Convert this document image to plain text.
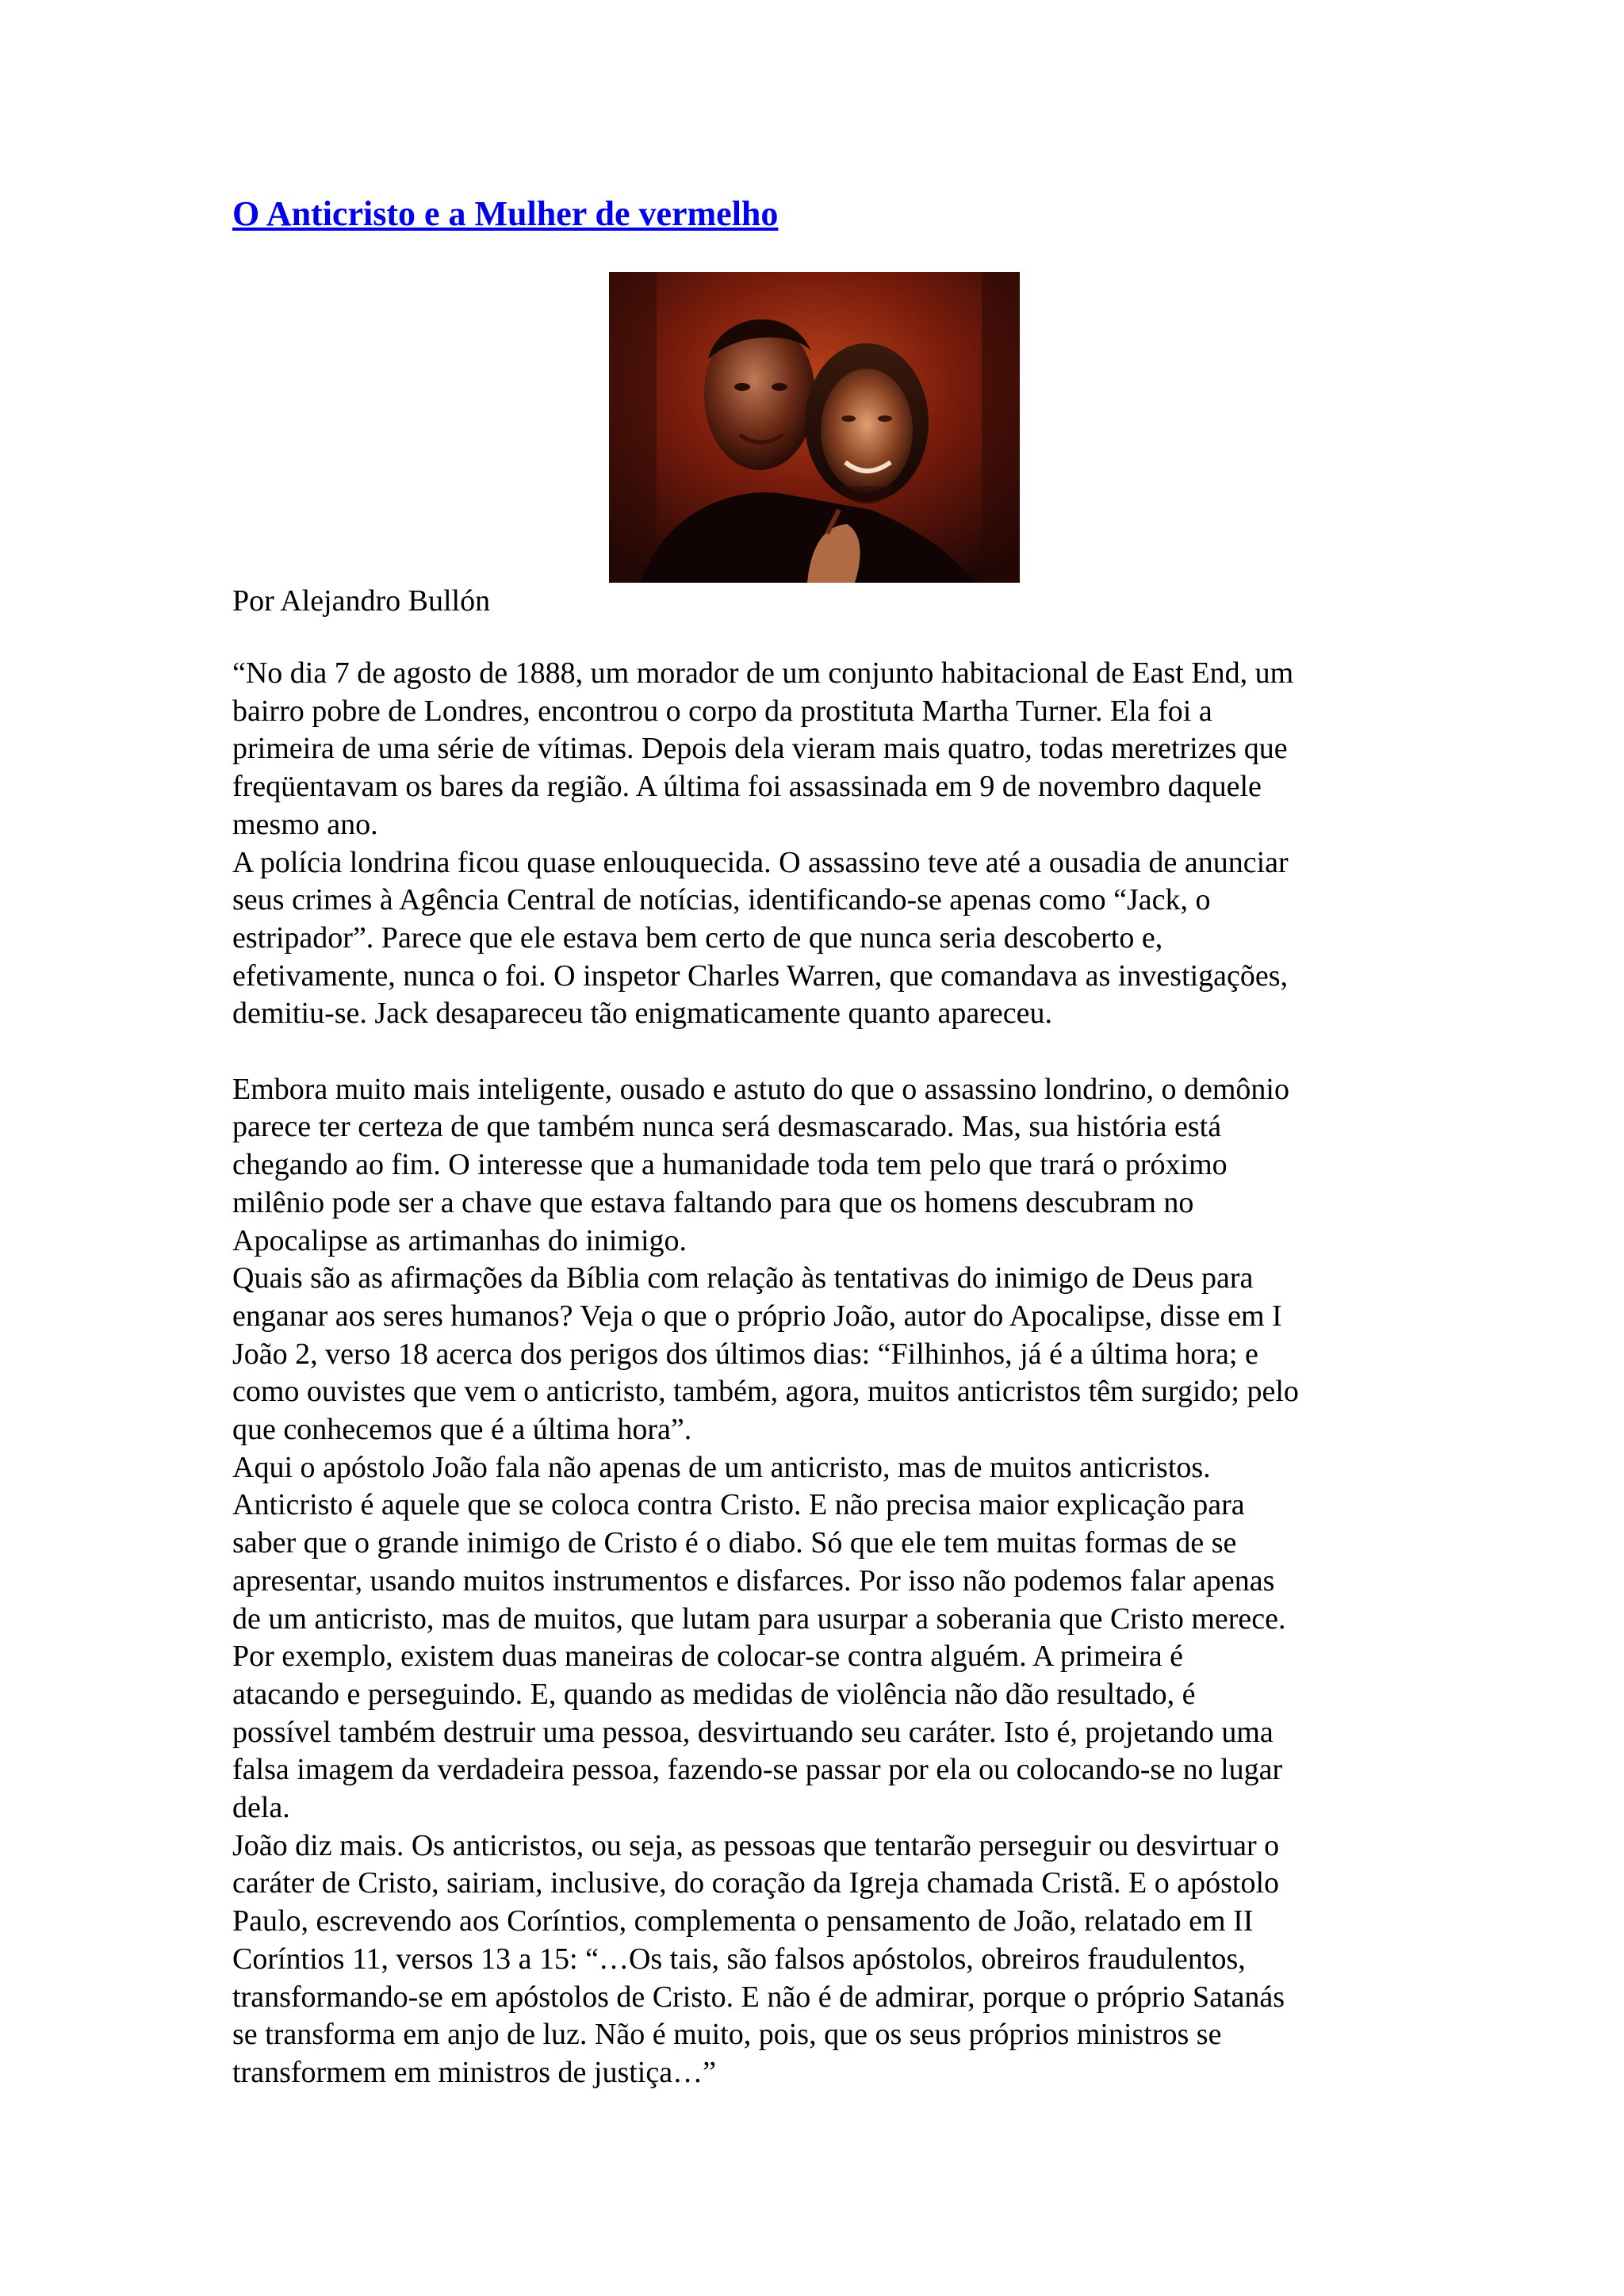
O Anticristo e a Mulher de vermelho

Por Alejandro Bullón

“No dia 7 de agosto de 1888, um morador de um conjunto habitacional de East End, um

bairro pobre de Londres, encontrou o corpo da prostituta Martha Turner. Ela foi a

primeira de uma série de vítimas. Depois dela vieram mais quatro, todas meretrizes que

freqüentavam os bares da região. A última foi assassinada em 9 de novembro daquele

mesmo ano.

A polícia londrina ficou quase enlouquecida. O assassino teve até a ousadia de anunciar

seus crimes à Agência Central de notícias, identificando-se apenas como “Jack, o

estripador”. Parece que ele estava bem certo de que nunca seria descoberto e,

efetivamente, nunca o foi. O inspetor Charles Warren, que comandava as investigações,

demitiu-se. Jack desapareceu tão enigmaticamente quanto apareceu.

Embora muito mais inteligente, ousado e astuto do que o assassino londrino, o demônio

parece ter certeza de que também nunca será desmascarado. Mas, sua história está

chegando ao fim. O interesse que a humanidade toda tem pelo que trará o próximo

milênio pode ser a chave que estava faltando para que os homens descubram no

Apocalipse as artimanhas do inimigo.

Quais são as afirmações da Bíblia com relação às tentativas do inimigo de Deus para

enganar aos seres humanos? Veja o que o próprio João, autor do Apocalipse, disse em I

João 2, verso 18 acerca dos perigos dos últimos dias: “Filhinhos, já é a última hora; e

como ouvistes que vem o anticristo, também, agora, muitos anticristos têm surgido; pelo

que conhecemos que é a última hora”.

Aqui o apóstolo João fala não apenas de um anticristo, mas de muitos anticristos.

Anticristo é aquele que se coloca contra Cristo. E não precisa maior explicação para

saber que o grande inimigo de Cristo é o diabo. Só que ele tem muitas formas de se

apresentar, usando muitos instrumentos e disfarces. Por isso não podemos falar apenas

de um anticristo, mas de muitos, que lutam para usurpar a soberania que Cristo merece.

Por exemplo, existem duas maneiras de colocar-se contra alguém. A primeira é

atacando e perseguindo. E, quando as medidas de violência não dão resultado, é

possível também destruir uma pessoa, desvirtuando seu caráter. Isto é, projetando uma

falsa imagem da verdadeira pessoa, fazendo-se passar por ela ou colocando-se no lugar

dela.

João diz mais. Os anticristos, ou seja, as pessoas que tentarão perseguir ou desvirtuar o

caráter de Cristo, sairiam, inclusive, do coração da Igreja chamada Cristã. E o apóstolo

Paulo, escrevendo aos Coríntios, complementa o pensamento de João, relatado em II

Coríntios 11, versos 13 a 15: “…Os tais, são falsos apóstolos, obreiros fraudulentos,

transformando-se em apóstolos de Cristo. E não é de admirar, porque o próprio Satanás

se transforma em anjo de luz. Não é muito, pois, que os seus próprios ministros se

transformem em ministros de justiça…”
